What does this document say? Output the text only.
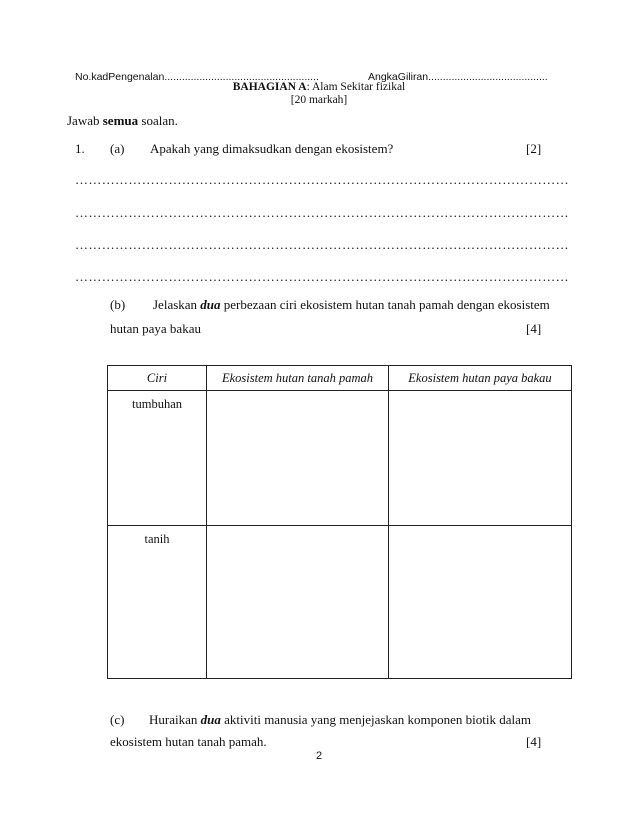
No.kadPengenalan.....................................................	AngkaGiliran.........................................
BAHAGIAN A: Alam Sekitar fizikal
[20 markah]
Jawab semua soalan.
1. (a) Apakah yang dimaksudkan dengan ekosistem?	[2]
…………………………………………………………………………………………………
…………………………………………………………………………………………………
…………………………………………………………………………………………………
…………………………………………………………………………………………………
(b) Jelaskan dua perbezaan ciri ekosistem hutan tanah pamah dengan ekosistem
hutan paya bakau	[4]
Ciri	Ekosistem hutan tanah pamah	Ekosistem hutan paya bakau

tumbuhan		

tanih		

(c) Huraikan dua aktiviti manusia yang menjejaskan komponen biotik dalam
ekosistem hutan tanah pamah.	[4]
2
